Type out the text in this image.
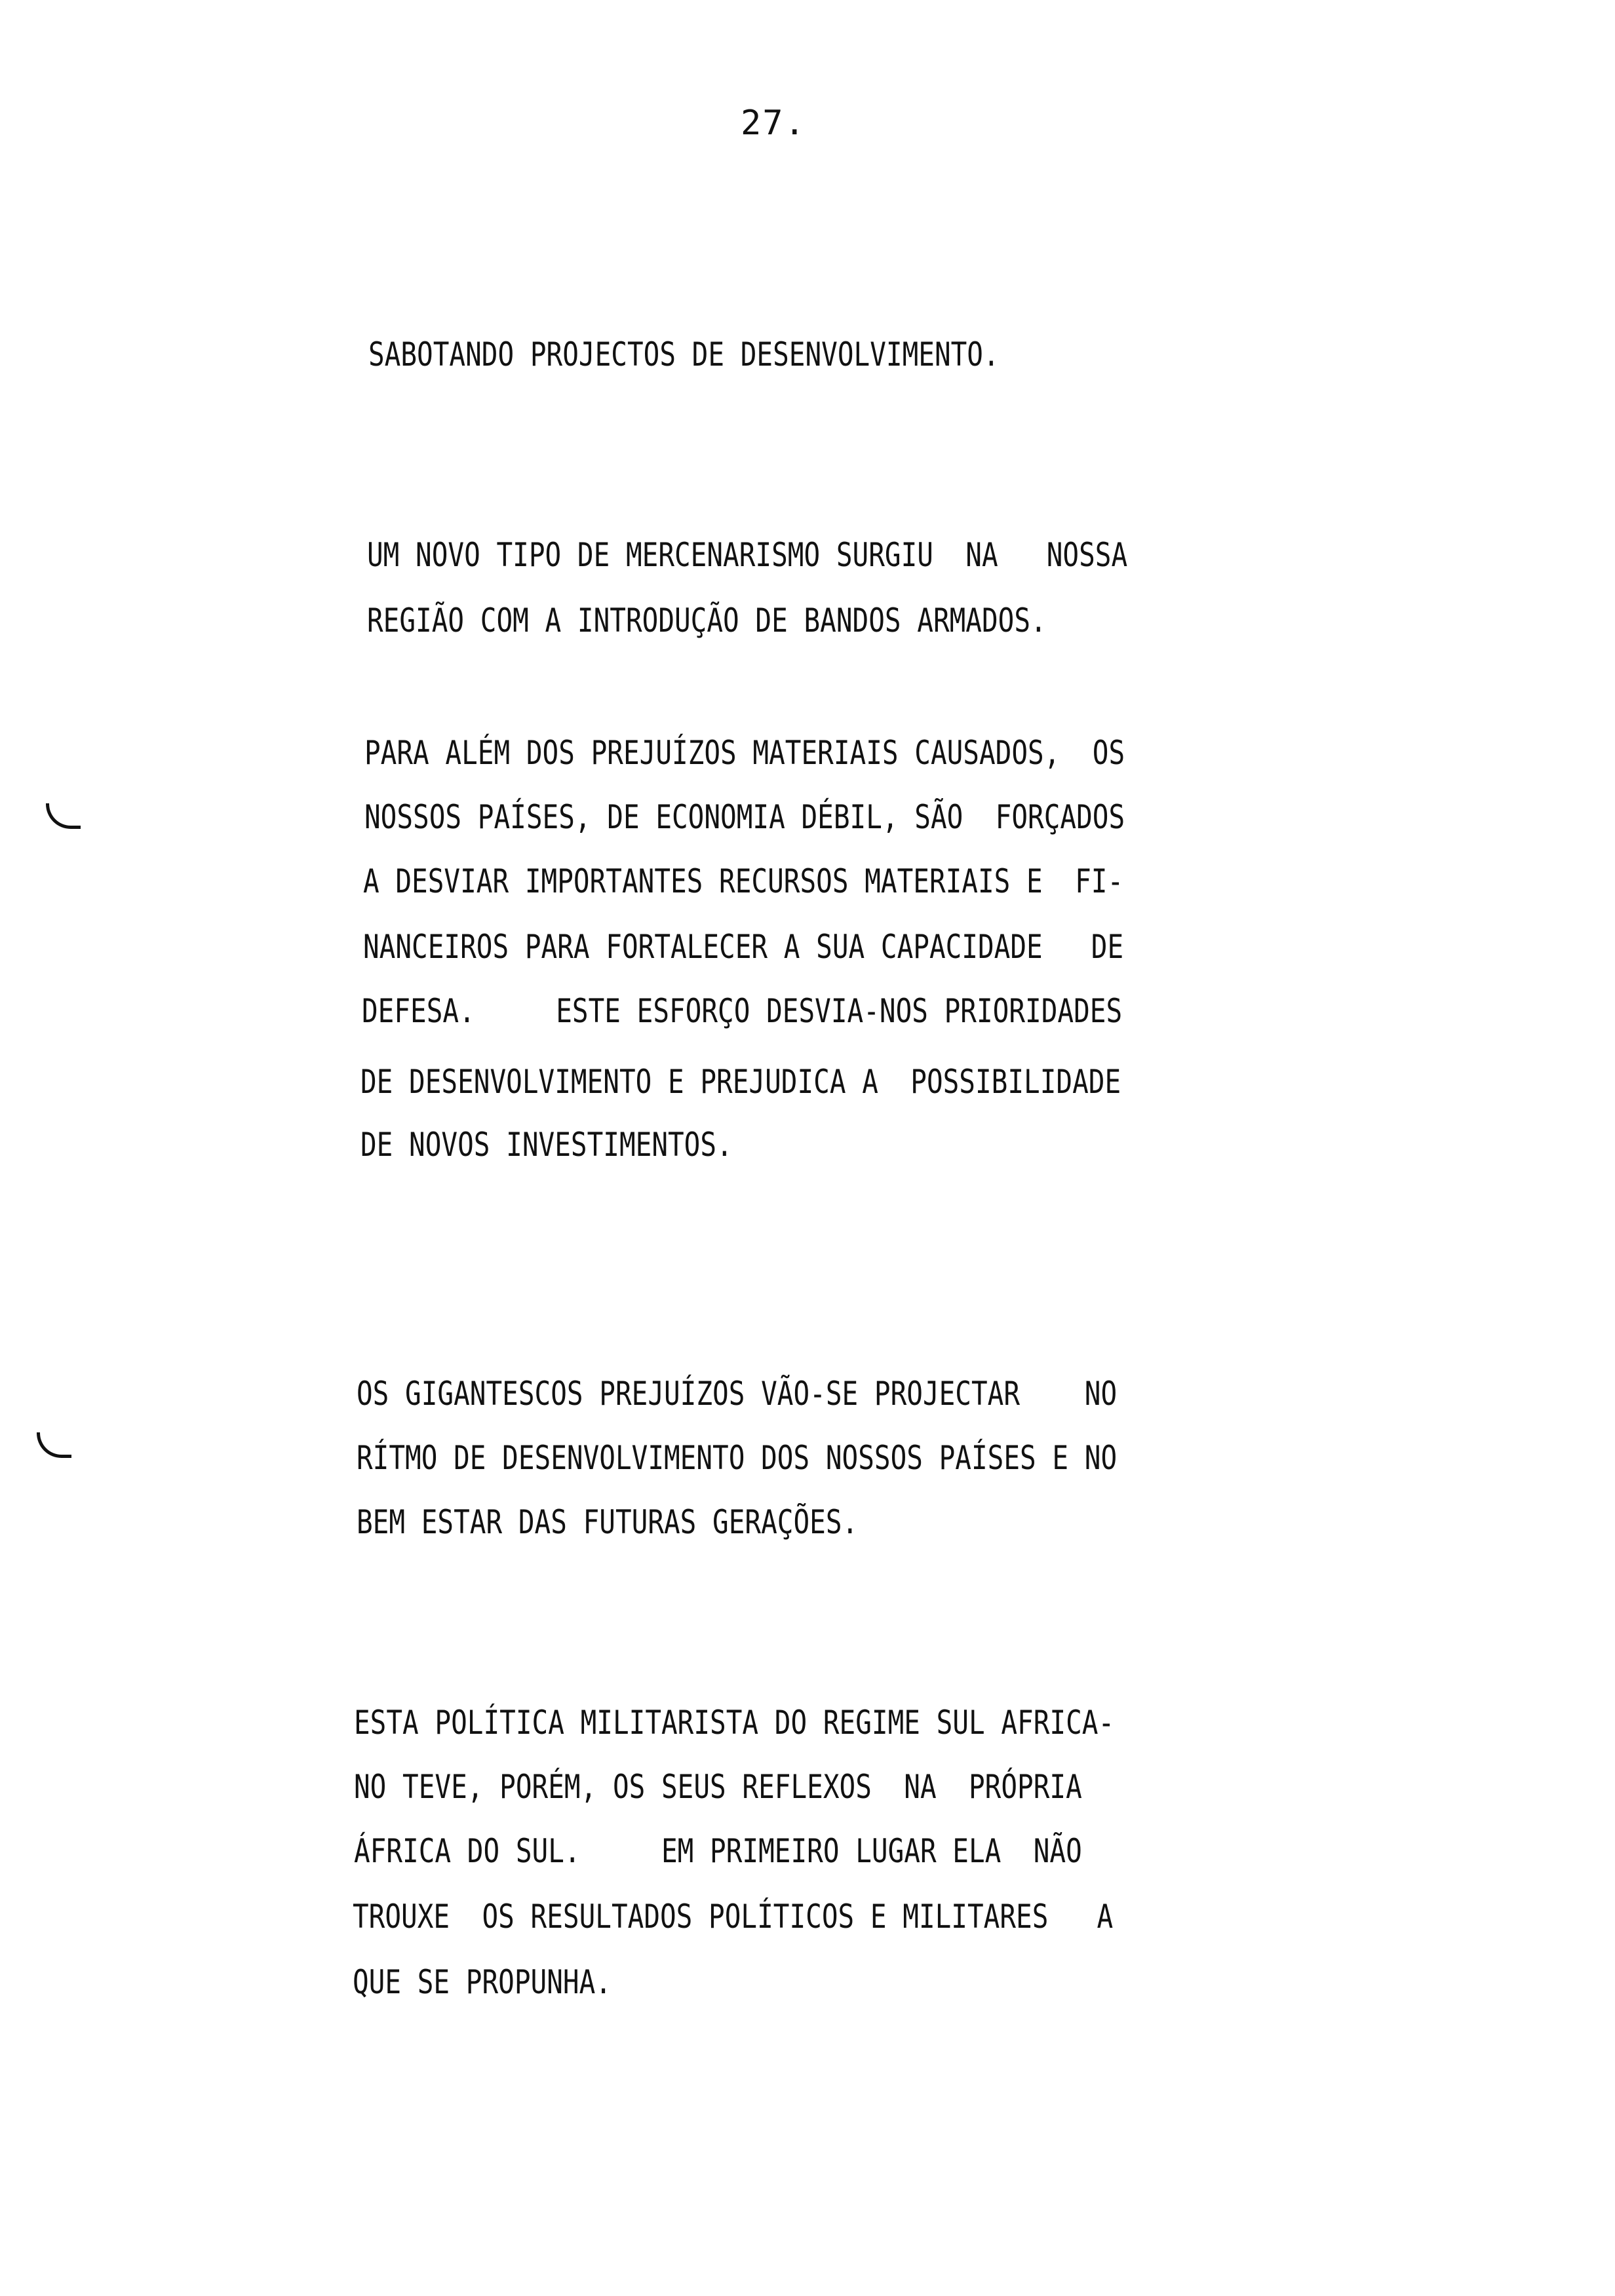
27.
SABOTANDO PROJECTOS DE DESENVOLVIMENTO.
UM NOVO TIPO DE MERCENARISMO SURGIU  NA   NOSSA
REGIÃO COM A INTRODUÇÃO DE BANDOS ARMADOS.
PARA ALÉM DOS PREJUÍZOS MATERIAIS CAUSADOS,  OS
NOSSOS PAÍSES, DE ECONOMIA DÉBIL, SÃO  FORÇADOS
A DESVIAR IMPORTANTES RECURSOS MATERIAIS E  FI-
NANCEIROS PARA FORTALECER A SUA CAPACIDADE   DE
DEFESA.     ESTE ESFORÇO DESVIA-NOS PRIORIDADES
DE DESENVOLVIMENTO E PREJUDICA A  POSSIBILIDADE
DE NOVOS INVESTIMENTOS.
OS GIGANTESCOS PREJUÍZOS VÃO-SE PROJECTAR    NO
RÍTMO DE DESENVOLVIMENTO DOS NOSSOS PAÍSES E NO
BEM ESTAR DAS FUTURAS GERAÇÕES.
ESTA POLÍTICA MILITARISTA DO REGIME SUL AFRICA-
NO TEVE, PORÉM, OS SEUS REFLEXOS  NA  PRÓPRIA
ÁFRICA DO SUL.     EM PRIMEIRO LUGAR ELA  NÃO
TROUXE  OS RESULTADOS POLÍTICOS E MILITARES   A
QUE SE PROPUNHA.
